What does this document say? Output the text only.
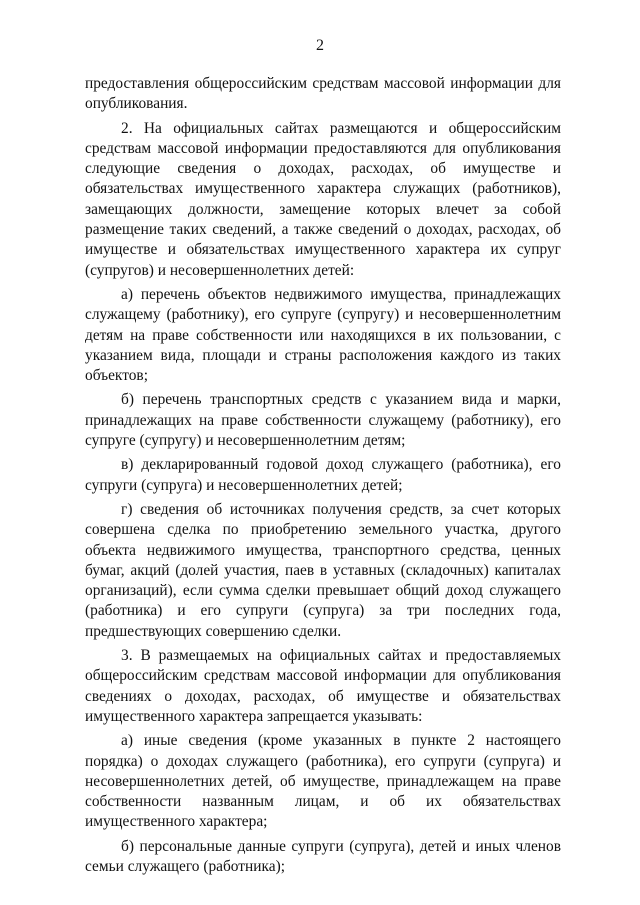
2

предоставления общероссийским средствам массовой информации для опубликования.

2. На официальных сайтах размещаются и общероссийским средствам массовой информации предоставляются для опубликования следующие сведения о доходах, расходах, об имуществе и обязательствах имущественного характера служащих (работников), замещающих должности, замещение которых влечет за собой размещение таких сведений, а также сведений о доходах, расходах, об имуществе и обязательствах имущественного характера их супруг (супругов) и несовершеннолетних детей:

а) перечень объектов недвижимого имущества, принадлежащих служащему (работнику), его супруге (супругу) и несовершеннолетним детям на праве собственности или находящихся в их пользовании, с указанием вида, площади и страны расположения каждого из таких объектов;

б) перечень транспортных средств с указанием вида и марки, принадлежащих на праве собственности служащему (работнику), его супруге (супругу) и несовершеннолетним детям;

в) декларированный годовой доход служащего (работника), его супруги (супруга) и несовершеннолетних детей;

г) сведения об источниках получения средств, за счет которых совершена сделка по приобретению земельного участка, другого объекта недвижимого имущества, транспортного средства, ценных бумаг, акций (долей участия, паев в уставных (складочных) капиталах организаций), если сумма сделки превышает общий доход служащего (работника) и его супруги (супруга) за три последних года, предшествующих совершению сделки.

3. В размещаемых на официальных сайтах и предоставляемых общероссийским средствам массовой информации для опубликования сведениях о доходах, расходах, об имуществе и обязательствах имущественного характера запрещается указывать:

а) иные сведения (кроме указанных в пункте 2 настоящего порядка) о доходах служащего (работника), его супруги (супруга) и несовершеннолетних детей, об имуществе, принадлежащем на праве собственности названным лицам, и об их обязательствах имущественного характера;

б) персональные данные супруги (супруга), детей и иных членов семьи служащего (работника);
